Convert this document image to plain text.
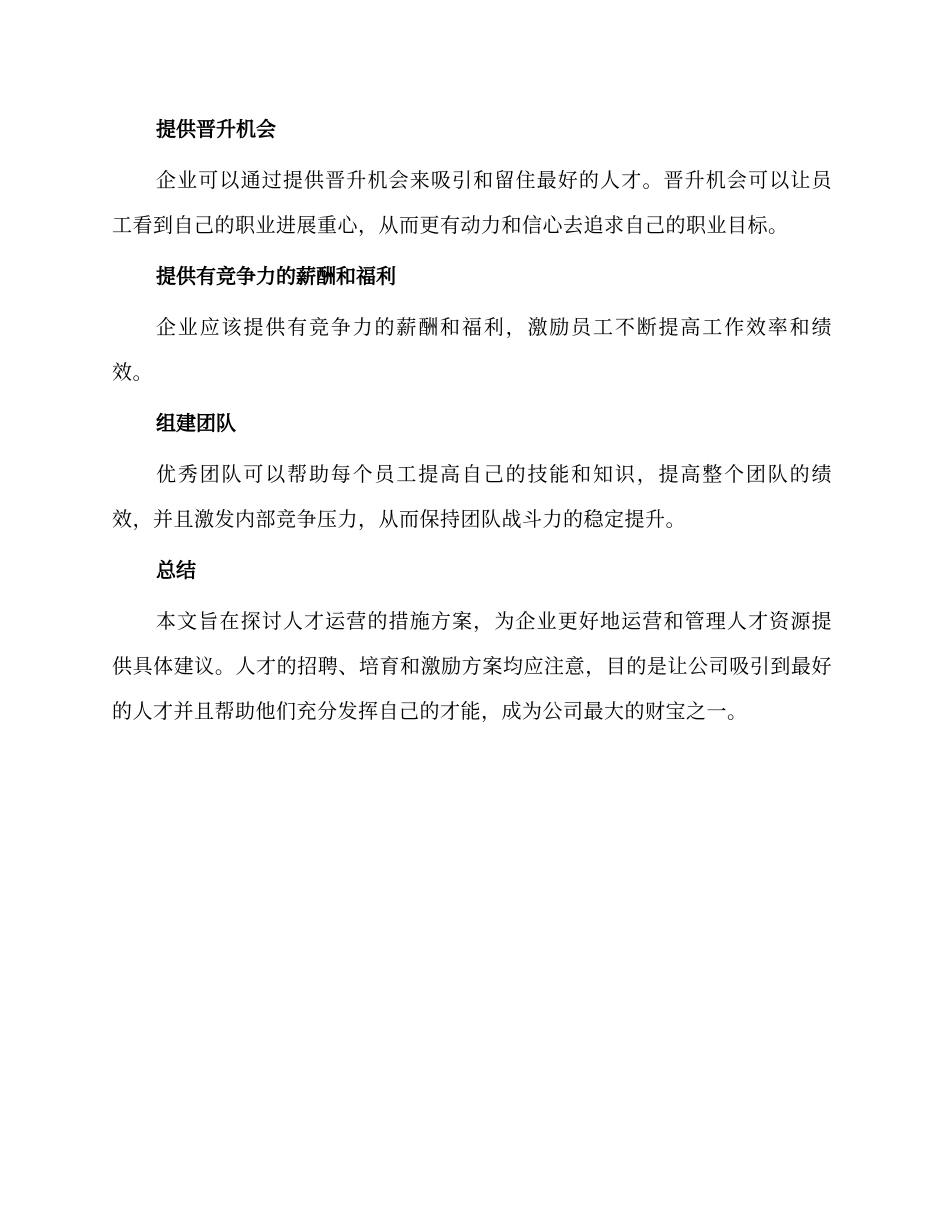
提供晋升机会

企业可以通过提供晋升机会来吸引和留住最好的人才。晋升机会可以让员工看到自己的职业进展重心，从而更有动力和信心去追求自己的职业目标。

提供有竞争力的薪酬和福利

企业应该提供有竞争力的薪酬和福利，激励员工不断提高工作效率和绩效。

组建团队

优秀团队可以帮助每个员工提高自己的技能和知识，提高整个团队的绩效，并且激发内部竞争压力，从而保持团队战斗力的稳定提升。

总结

本文旨在探讨人才运营的措施方案，为企业更好地运营和管理人才资源提供具体建议。人才的招聘、培育和激励方案均应注意，目的是让公司吸引到最好的人才并且帮助他们充分发挥自己的才能，成为公司最大的财宝之一。
